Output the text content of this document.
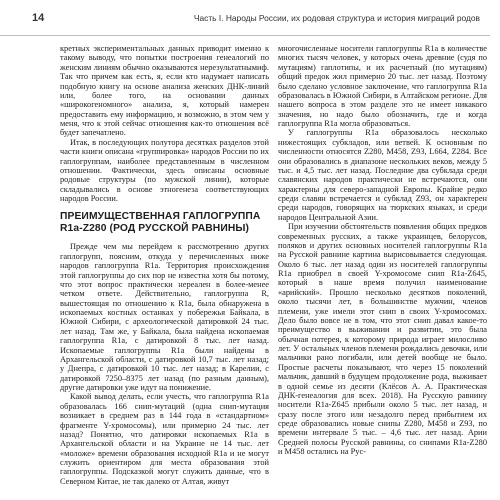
14	Часть I. Народы России, их родовая структура и история миграций родов

кретных экспериментальных данных приводит именно к такому выводу, что попытки построения генеалогий по женским линиям обычно оказываются нерезультатнымиф. Так что причем как есть, я, если кто надумает написать подобную книгу на основе анализа женских ДНК-линий или, более того, на основании данных «широкогеномного» анализа, я, который намерен предоставить ему информацию, и возможно, в этом чем у меня, что к этой сейчас отношения как-то отношения всё будет запечатлено.

Итак, в последующих полутора десятках разделов этой части книги описана «группировка» народов России по их гаплогруппам, наиболее представленным в численном отношении. Фактически, здесь описаны основные родовые структуры (по мужской линии), которые складывались в основе этногенеза соответствующих народов России.

ПРЕИМУЩЕСТВЕННАЯ ГАПЛОГРУППА R1a-Z280 (РОД РУССКОЙ РАВНИНЫ)

Прежде чем мы перейдем к рассмотрению других гаплогрупп, поясним, откуда у перечисленных ниже народов гаплогруппа R1a. Территория происхождения этой гаплогруппы до сих пор не известна хотя бы потому, что этот вопрос практически нереален в более-менее четком ответе. Действительно, гаплогруппа R, вышестоящая по отношению к R1a, была обнаружена в ископаемых костных останках у побережья Байкала, в Южной Сибири, с археологической датировкой 24 тыс. лет назад. Там же, у Байкала, была найдена ископаемая гаплогруппа R1a, с датировкой 8 тыс. лет назад. Ископаемые гаплогруппы R1a были найдены в Архангельской области, с датировкой 10,7 тыс. лет назад; у Днепра, с датировкой 10 тыс. лет назад; в Карелии, с датировкой 7250–8375 лет назад (по разным данным), другие датировки уже идут на понижение.

Какой вывод делать, если учесть, что гаплогруппа R1a образовалась 166 снип-мутаций (одна снип-мутация возникает в среднем раз в 144 года в «стандартном» фрагменте Y-хромосомы), или примерно 24 тыс. лет назад? Понятно, что датировки ископаемых R1a в Архангельской области и на Украине не 14 тыс. лет «моложе» времени образования исходной R1a и не могут служить ориентиром для места образования этой гаплогруппы. Подсказкой могут служить данные, что в Северном Китае, не так далеко от Алтая, живут

многочисленные носители гаплогруппы R1a в количестве многих тысяч человек, у которых очень древние (судя по мутациям) гаплотипы, и их расчетный (по мутациям) общий предок жил примерно 20 тыс. лет назад. Поэтому было сделано условное заключение, что гаплогруппа R1a образовалась в Южной Сибири, в Алтайском регионе. Для нашего вопроса в этом разделе это не имеет никакого значения, но надо было обозначить, где и когда гаплогруппа R1a могла образоваться.

У гаплогруппы R1a образовалось несколько нижестоящих субкладов, или ветвей. К основным по численности относятся Z280, M458, Z93, L664, Z284. Все они образовались в диапазоне нескольких веков, между 5 тыс. и 4,5 тыс. лет назад. Последние два субклада среди славянских народов практически не встречаются, они характерны для северо-западной Европы. Крайне редко среди славян встречается и субклад Z93, он характерен среди народов, говорящих на тюркских языках, и среди народов Центральной Азии.

При изучении обстоятельств появления общих предков современных русских, а также украинцев, белорусов, поляков и других основных носителей гаплогруппы R1a на Русской равнине картина вырисовывается следующая. Около 6 тыс. лет назад один из носителей гаплогруппы R1a приобрел в своей Y-хромосоме снип R1a-Z645, который в наше время получил наименование «арийский». Прошло несколько десятков поколений, около тысячи лет, в большинстве мужчин, членов племени, уже имели этот снип в своих Y-хромосомах. Дело было вовсе не в том, что этот снип давал какое-то преимущество в выживании и развитии, это была обычная потерея, к которому природа играет милосливо лет. У остальных членов племени рождались девочки, или мальчики рано погибали, или детей вообще не было. Простые расчеты показывают, что через 15 поколений мальчик, давший в будущем продолжение рода, выживает в одной семье из десяти (Клёсов А. А. Практическая ДНК-генеалогия для всех. 2018). На Русскую равнину носители R1a-Z645 прибыли около 5 тыс. лет назад, и сразу после этого или незадолго перед прибытием их среде образовались новые снипы Z280, M458 и Z93, по времени интервале 5 тыс. – 4,6 тыс. лет назад. Арии Средней полосы Русской равнины, со снипами R1a-Z280 и M458 остались на Рус-
